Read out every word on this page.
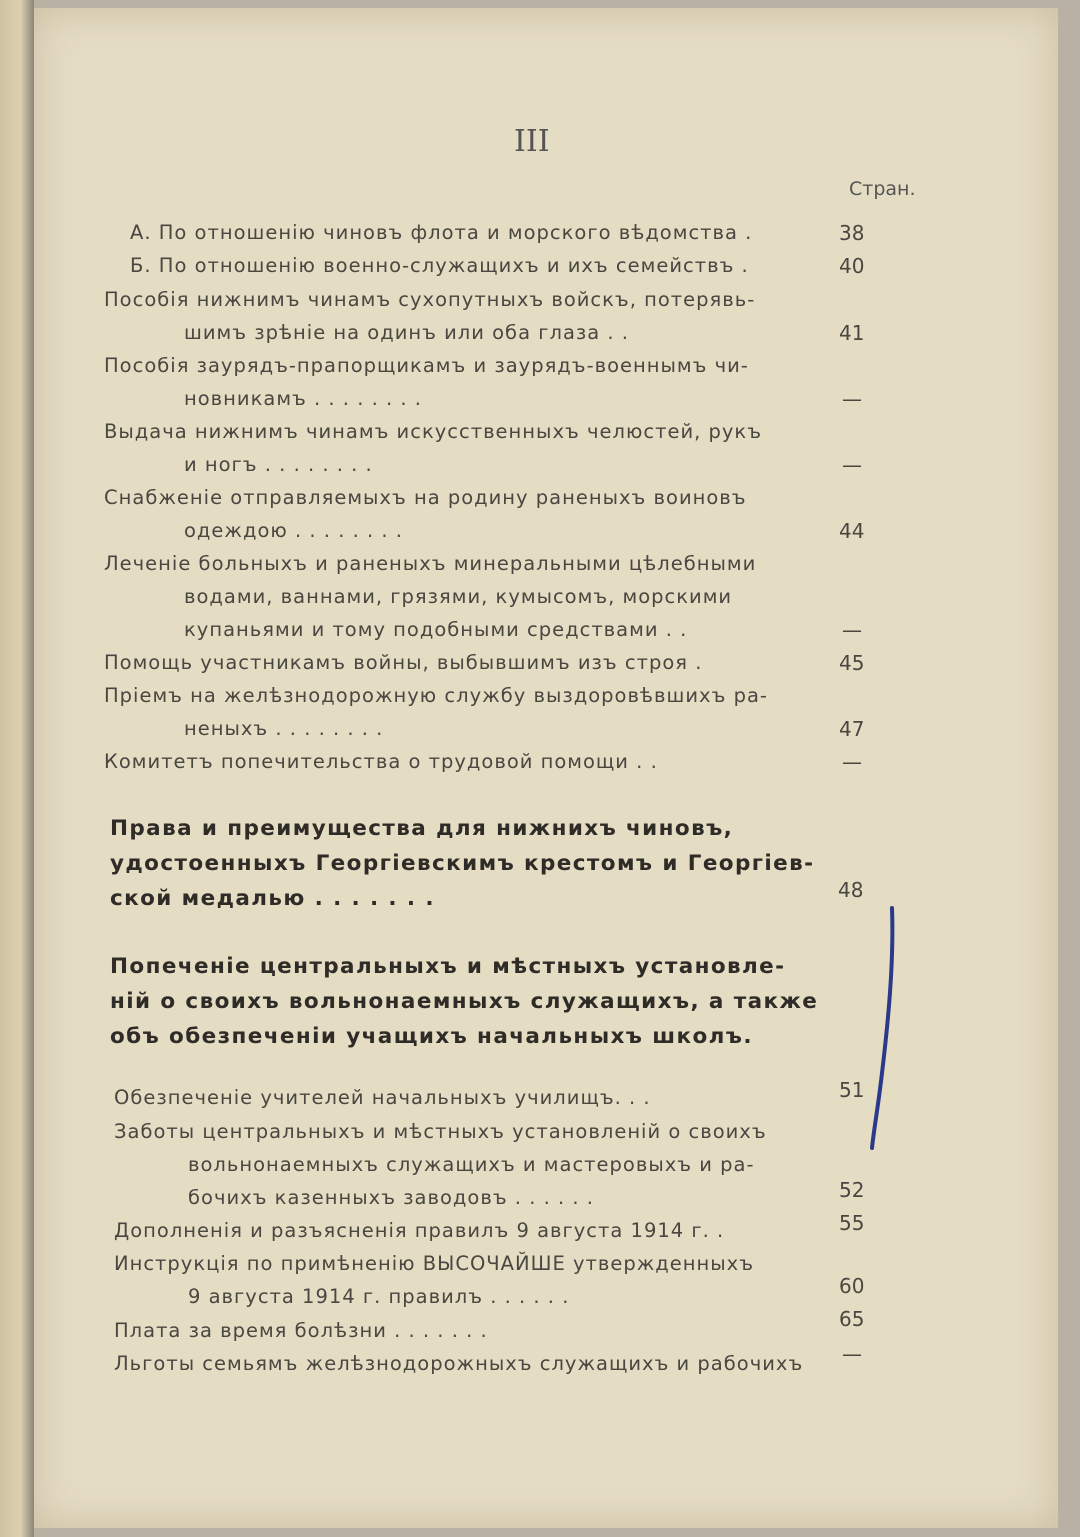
III
Стран.
А. По отношенію чиновъ флота и морского вѣдомства .	38
Б. По отношенію военно-служащихъ и ихъ семействъ .	40
Пособія нижнимъ чинамъ сухопутныхъ войскъ, потерявь-
шимъ зрѣніе на одинъ или оба глаза . .	41
Пособія заурядъ-прапорщикамъ и заурядъ-военнымъ чи-
новникамъ . . . . . . . .	—
Выдача нижнимъ чинамъ искусственныхъ челюстей, рукъ
и ногъ . . . . . . . .	—
Снабженіе отправляемыхъ на родину раненыхъ воиновъ
одеждою . . . . . . . .	44
Леченіе больныхъ и раненыхъ минеральными цѣлебными
водами, ваннами, грязями, кумысомъ, морскими
купаньями и тому подобными средствами . .	—
Помощь участникамъ войны, выбывшимъ изъ строя .	45
Пріемъ на желѣзнодорожную службу выздоровѣвшихъ ра-
неныхъ . . . . . . . .	47
Комитетъ попечительства о трудовой помощи . .	—
Права и преимущества для нижнихъ чиновъ,
удостоенныхъ Георгіевскимъ крестомъ и Георгіев-
ской медалью . . . . . . .	48
Попеченіе центральныхъ и мѣстныхъ установле-
ній о своихъ вольнонаемныхъ служащихъ, а также
объ обезпеченіи учащихъ начальныхъ школъ.
Обезпеченіе учителей начальныхъ училищъ. . .	51
Заботы центральныхъ и мѣстныхъ установленій о своихъ
вольнонаемныхъ служащихъ и мастеровыхъ и ра-
бочихъ казенныхъ заводовъ . . . . . .	52
Дополненія и разъясненія правилъ 9 августа 1914 г. .	55
Инструкція по примѣненію ВЫСОЧАЙШЕ утвержденныхъ
9 августа 1914 г. правилъ . . . . . .	60
Плата за время болѣзни . . . . . . .	65
Льготы семьямъ желѣзнодорожныхъ служащихъ и рабочихъ —
